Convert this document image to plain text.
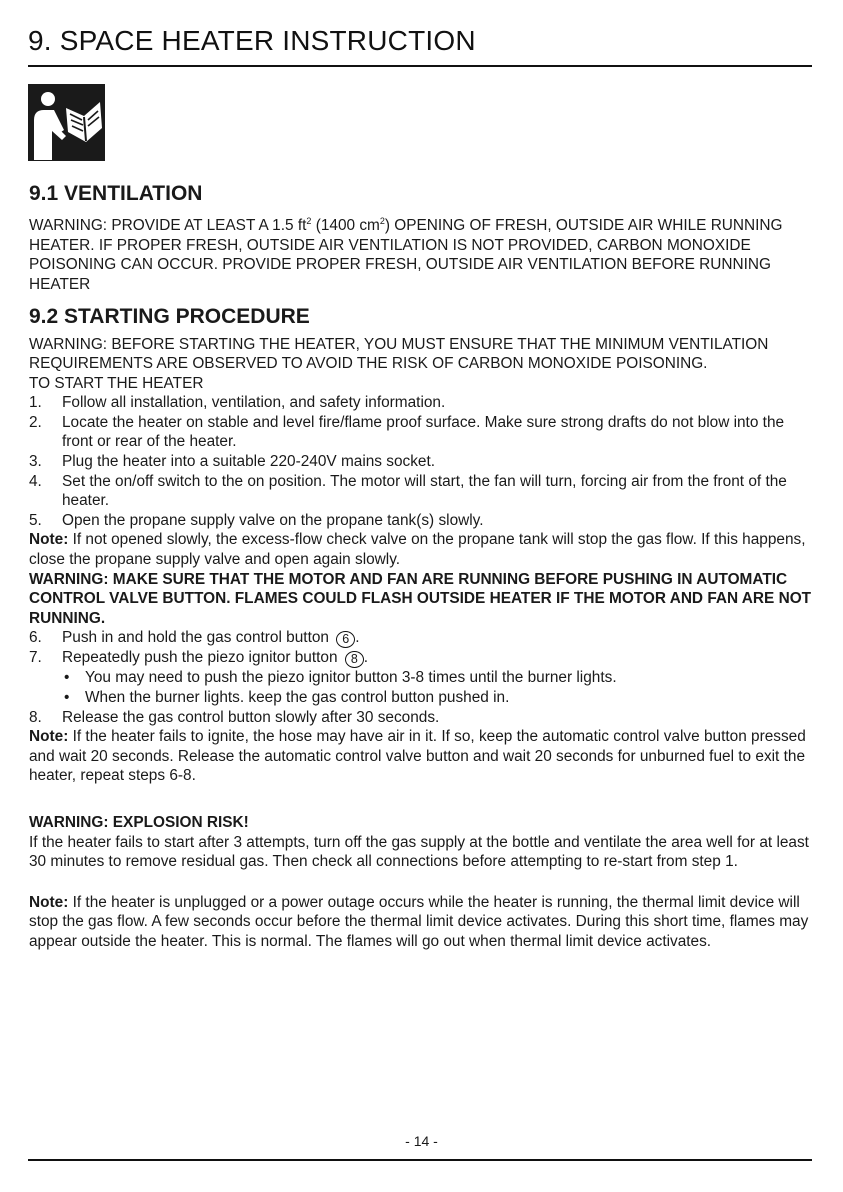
9. SPACE HEATER INSTRUCTION
9.1 VENTILATION

WARNING: PROVIDE AT LEAST A 1.5 $ft^2$ (1400 $cm^2$) OPENING OF FRESH, OUTSIDE AIR WHILE RUNNING HEATER. IF PROPER FRESH, OUTSIDE AIR VENTILATION IS NOT PROVIDED, CARBON MONOXIDE POISONING CAN OCCUR. PROVIDE PROPER FRESH, OUTSIDE AIR VENTILATION BEFORE RUNNING HEATER

9.2 STARTING PROCEDURE

WARNING: BEFORE STARTING THE HEATER, YOU MUST ENSURE THAT THE MINIMUM VENTILATION REQUIREMENTS ARE OBSERVED TO AVOID THE RISK OF CARBON MONOXIDE POISONING.

TO START THE HEATER

1. Follow all installation, ventilation, and safety information.
2. Locate the heater on stable and level fire/flame proof surface. Make sure strong drafts do not blow into the front or rear of the heater.
3. Plug the heater into a suitable 220-240V mains socket.
4. Set the on/off switch to the on position. The motor will start, the fan will turn, forcing air from the front of the heater.
5. Open the propane supply valve on the propane tank(s) slowly.

Note: If not opened slowly, the excess-flow check valve on the propane tank will stop the gas flow. If this happens, close the propane supply valve and open again slowly.

WARNING: MAKE SURE THAT THE MOTOR AND FAN ARE RUNNING BEFORE PUSHING IN AUTOMATIC CONTROL VALVE BUTTON. FLAMES COULD FLASH OUTSIDE HEATER IF THE MOTOR AND FAN ARE NOT RUNNING.

6. Push in and hold the gas control button 6 .
7. Repeatedly push the piezo ignitor button 8 .
• You may need to push the piezo ignitor button 3-8 times until the burner lights.
• When the burner lights. keep the gas control button pushed in.
8. Release the gas control button slowly after 30 seconds.

Note: If the heater fails to ignite, the hose may have air in it. If so, keep the automatic control valve button pressed and wait 20 seconds. Release the automatic control valve button and wait 20 seconds for unburned fuel to exit the heater, repeat steps 6-8.

WARNING: EXPLOSION RISK!

If the heater fails to start after 3 attempts, turn off the gas supply at the bottle and ventilate the area well for at least 30 minutes to remove residual gas. Then check all connections before attempting to re-start from step 1.

Note: If the heater is unplugged or a power outage occurs while the heater is running, the thermal limit device will stop the gas flow. A few seconds occur before the thermal limit device activates. During this short time, flames may appear outside the heater. This is normal. The flames will go out when thermal limit device activates.

- 14 -
